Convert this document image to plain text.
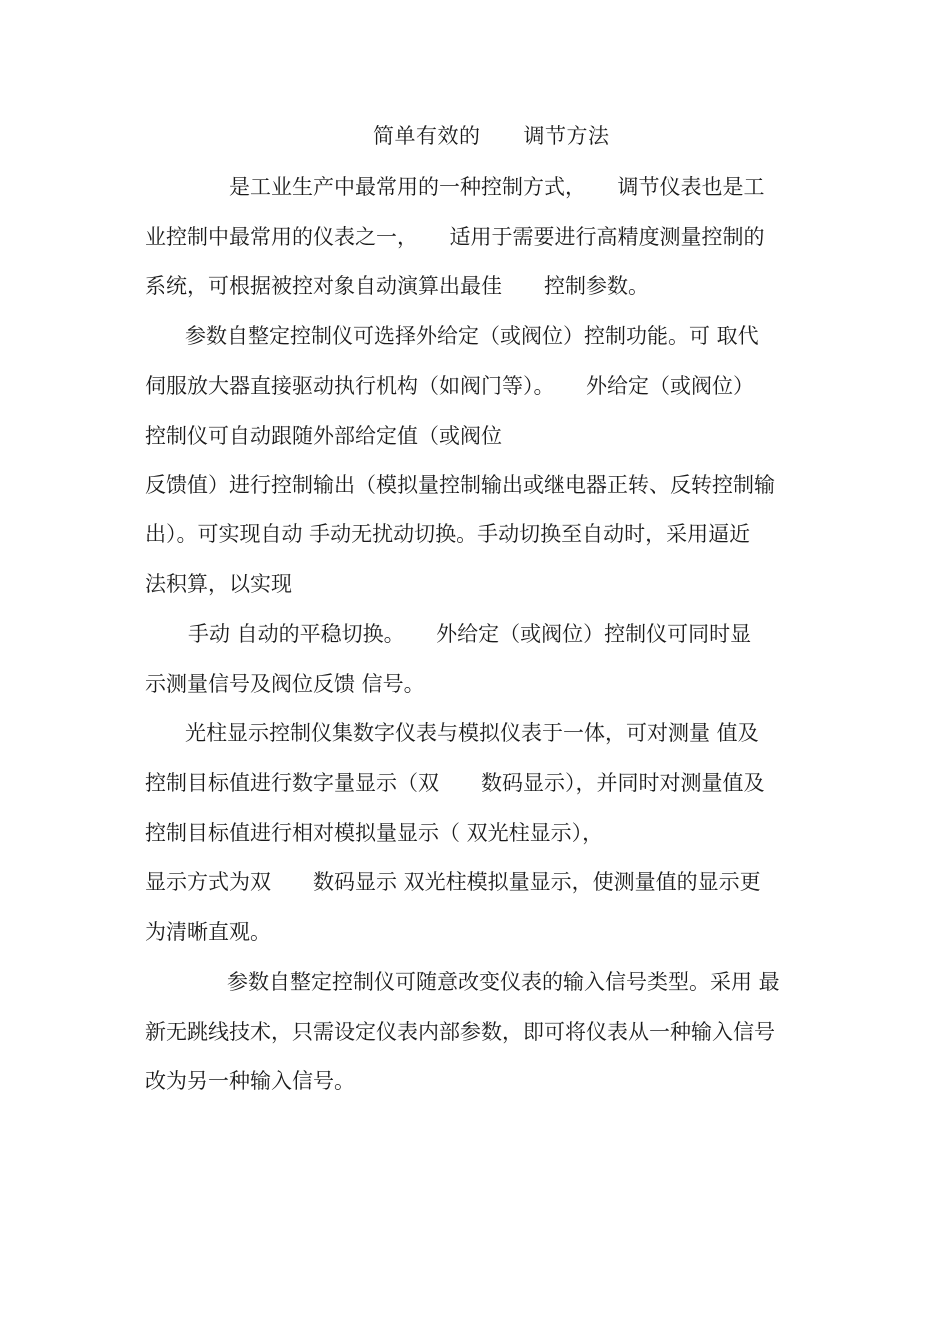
简单有效的　　调节方法
是工业生产中最常用的一种控制方式，　　调节仪表也是工
业控制中最常用的仪表之一，　　适用于需要进行高精度测量控制的
系统，可根据被控对象自动演算出最佳　　控制参数。
参数自整定控制仪可选择外给定（或阀位）控制功能。可 取代
伺服放大器直接驱动执行机构（如阀门等）。　　外给定（或阀位）
控制仪可自动跟随外部给定值（或阀位
反馈值）进行控制输出（模拟量控制输出或继电器正转、反转控制输
出）。可实现自动 手动无扰动切换。手动切换至自动时，采用逼近
法积算，以实现
手动 自动的平稳切换。　　外给定（或阀位）控制仪可同时显
示测量信号及阀位反馈 信号。
光柱显示控制仪集数字仪表与模拟仪表于一体，可对测量 值及
控制目标值进行数字量显示（双　　数码显示），并同时对测量值及
控制目标值进行相对模拟量显示（ 双光柱显示），
显示方式为双　　数码显示 双光柱模拟量显示，使测量值的显示更
为清晰直观。
参数自整定控制仪可随意改变仪表的输入信号类型。采用 最
新无跳线技术，只需设定仪表内部参数，即可将仪表从一种输入信号
改为另一种输入信号。
